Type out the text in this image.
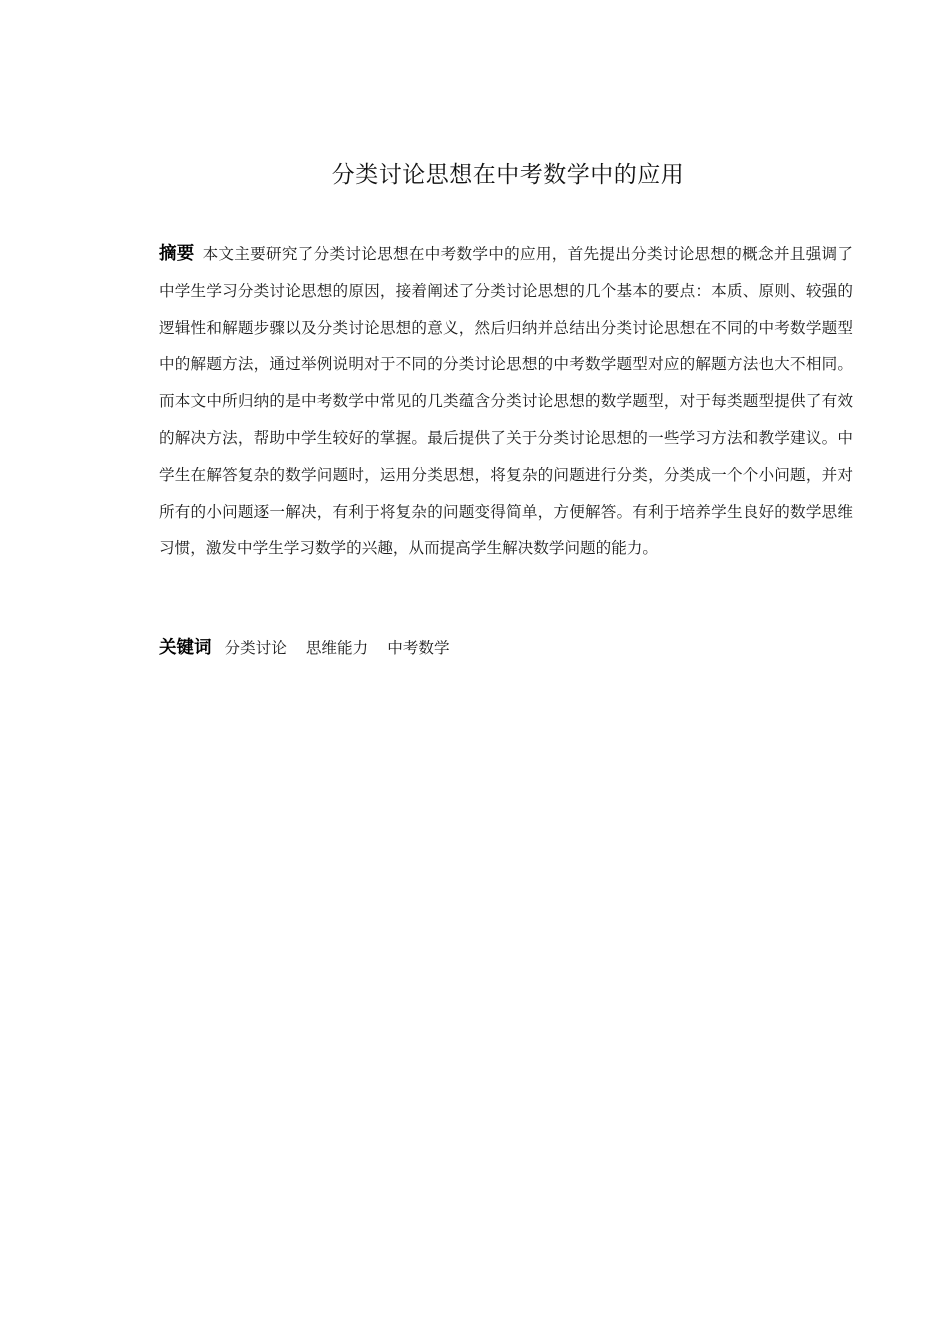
分类讨论思想在中考数学中的应用
摘要 本文主要研究了分类讨论思想在中考数学中的应用，首先提出分类讨论思想的概念并且强调了中学生学习分类讨论思想的原因，接着阐述了分类讨论思想的几个基本的要点：本质、原则、较强的逻辑性和解题步骤以及分类讨论思想的意义，然后归纳并总结出分类讨论思想在不同的中考数学题型中的解题方法，通过举例说明对于不同的分类讨论思想的中考数学题型对应的解题方法也大不相同。而本文中所归纳的是中考数学中常见的几类蕴含分类讨论思想的数学题型，对于每类题型提供了有效的解决方法，帮助中学生较好的掌握。最后提供了关于分类讨论思想的一些学习方法和教学建议。中学生在解答复杂的数学问题时，运用分类思想，将复杂的问题进行分类，分类成一个个小问题，并对所有的小问题逐一解决，有利于将复杂的问题变得简单，方便解答。有利于培养学生良好的数学思维习惯，激发中学生学习数学的兴趣，从而提高学生解决数学问题的能力。
关键词 分类讨论 思维能力 中考数学
